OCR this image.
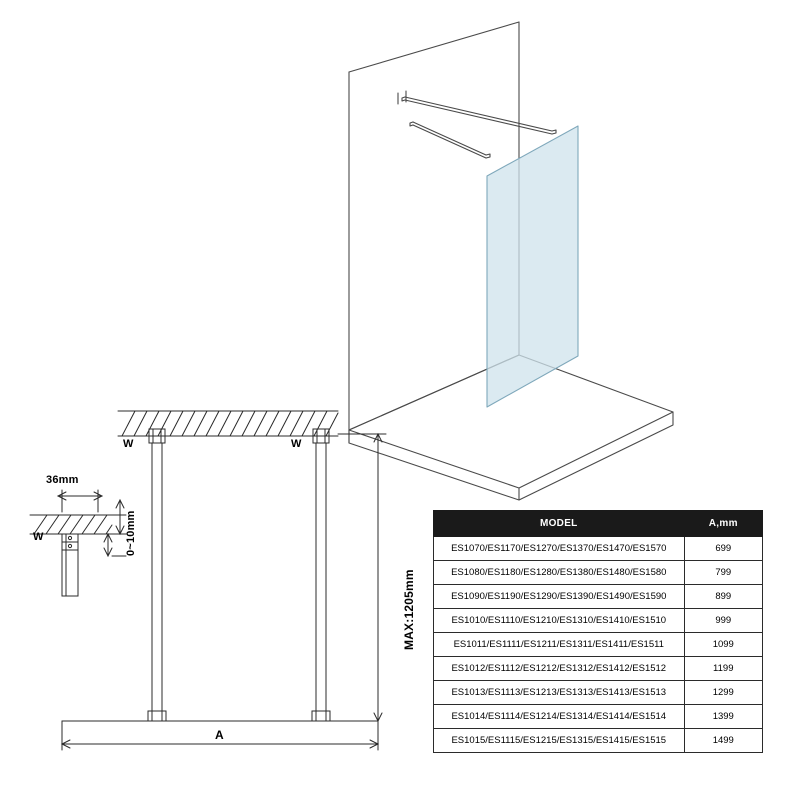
36mm
0~10mm
W
W	W
MAX:1205mm
A
MODEL	A,mm
ES1070/ES1170/ES1270/ES1370/ES1470/ES1570	699
ES1080/ES1180/ES1280/ES1380/ES1480/ES1580	799
ES1090/ES1190/ES1290/ES1390/ES1490/ES1590	899
ES1010/ES1110/ES1210/ES1310/ES1410/ES1510	999
ES1011/ES1111/ES1211/ES1311/ES1411/ES1511	1099
ES1012/ES1112/ES1212/ES1312/ES1412/ES1512	1199
ES1013/ES1113/ES1213/ES1313/ES1413/ES1513	1299
ES1014/ES1114/ES1214/ES1314/ES1414/ES1514	1399
ES1015/ES1115/ES1215/ES1315/ES1415/ES1515	1499
